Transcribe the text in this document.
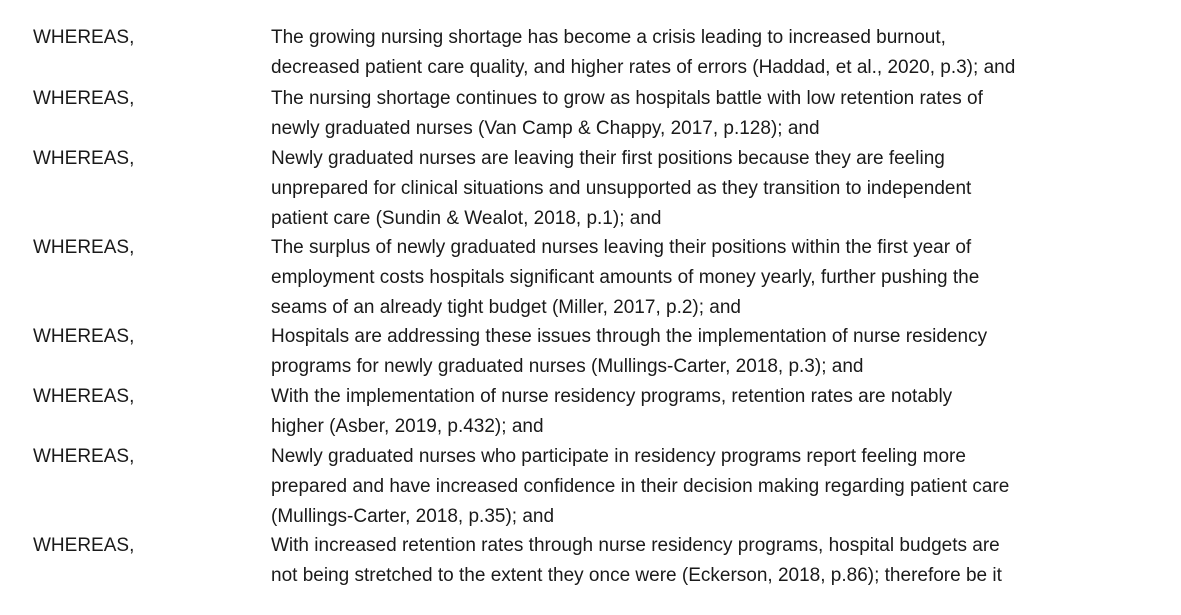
WHEREAS,	The growing nursing shortage has become a crisis leading to increased burnout,
decreased patient care quality, and higher rates of errors (Haddad, et al., 2020, p.3); and
WHEREAS,	The nursing shortage continues to grow as hospitals battle with low retention rates of
newly graduated nurses (Van Camp & Chappy, 2017, p.128); and
WHEREAS,	Newly graduated nurses are leaving their first positions because they are feeling
unprepared for clinical situations and unsupported as they transition to independent
patient care (Sundin & Wealot, 2018, p.1); and
WHEREAS,	The surplus of newly graduated nurses leaving their positions within the first year of
employment costs hospitals significant amounts of money yearly, further pushing the
seams of an already tight budget (Miller, 2017, p.2); and
WHEREAS,	Hospitals are addressing these issues through the implementation of nurse residency
programs for newly graduated nurses (Mullings-Carter, 2018, p.3); and
WHEREAS,	With the implementation of nurse residency programs, retention rates are notably
higher (Asber, 2019, p.432); and
WHEREAS,	Newly graduated nurses who participate in residency programs report feeling more
prepared and have increased confidence in their decision making regarding patient care
(Mullings-Carter, 2018, p.35); and
WHEREAS,	With increased retention rates through nurse residency programs, hospital budgets are
not being stretched to the extent they once were (Eckerson, 2018, p.86); therefore be it
